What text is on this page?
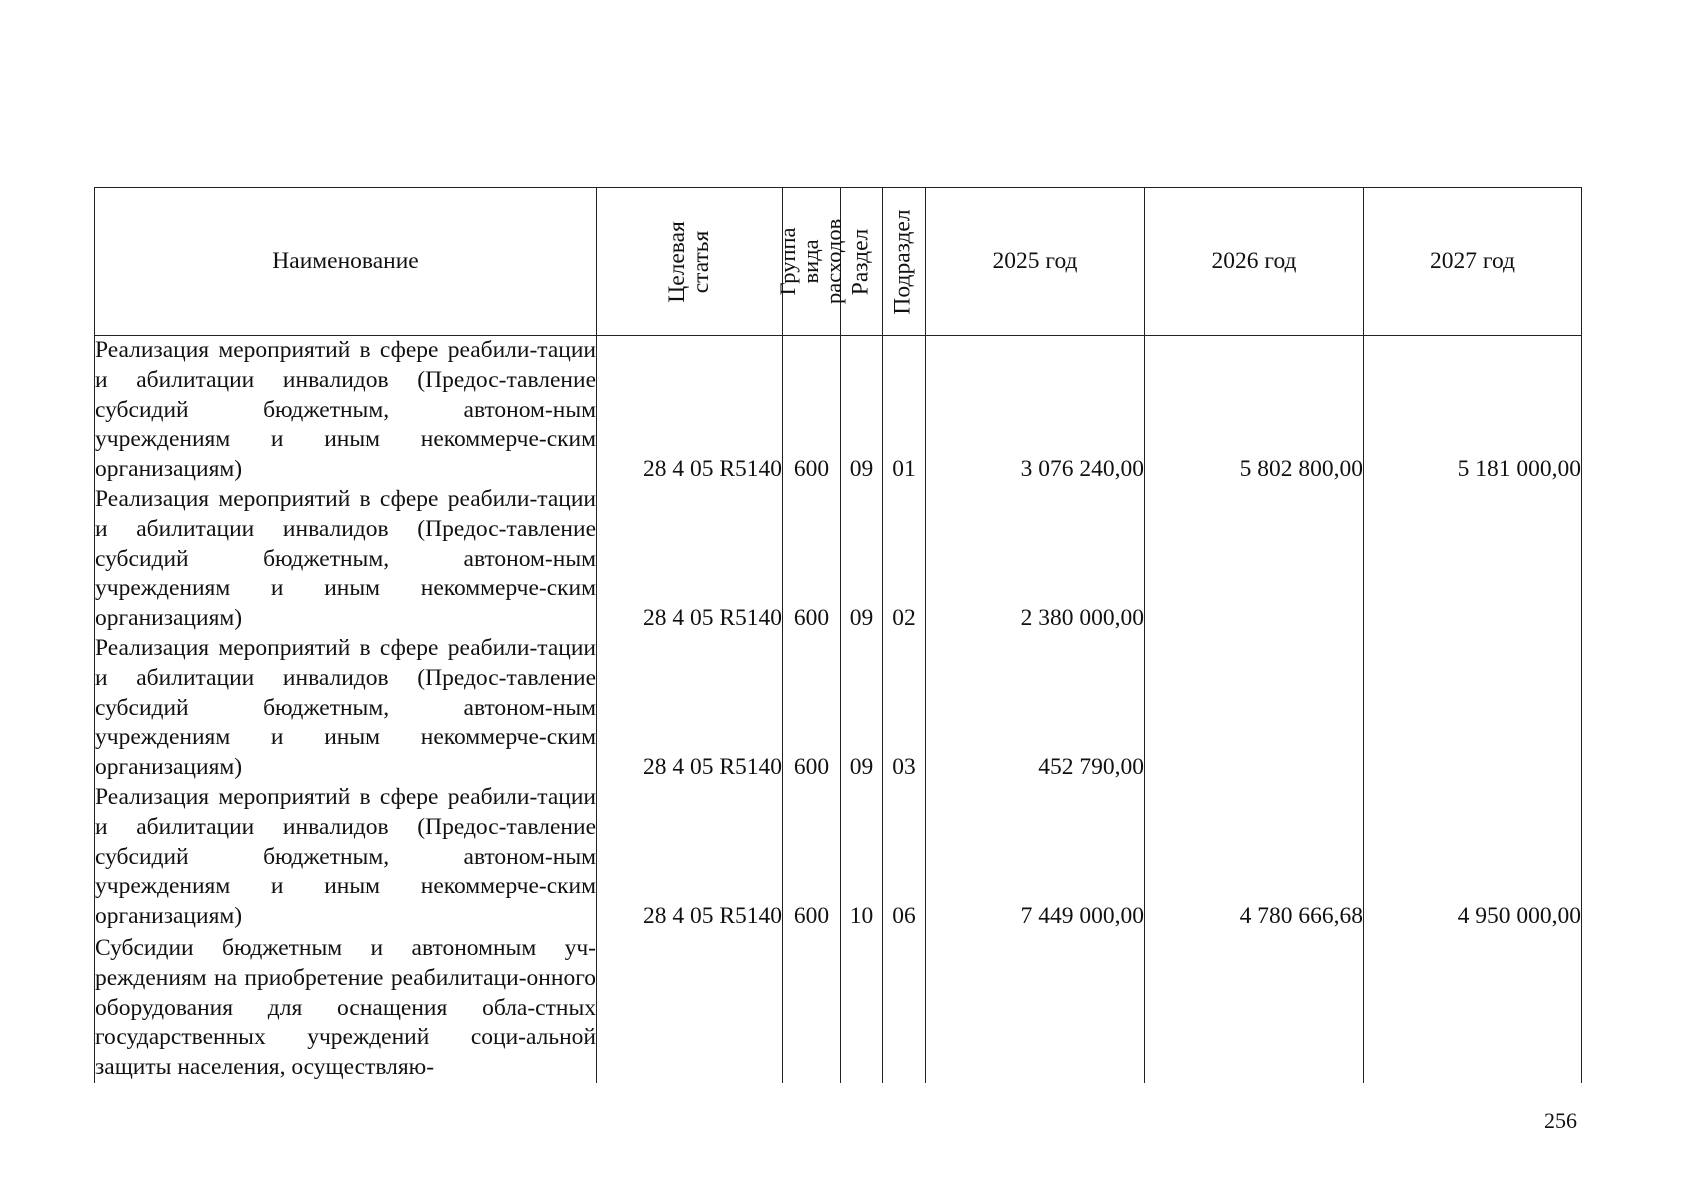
Наименование	Целевая
статья	Группа вида
расходов	Раздел	Подраздел	2025 год	2026 год	2027 год
Реализация мероприятий в сфере реабили-тации и абилитации инвалидов (Предос-тавление субсидий бюджетным, автоном-ным учреждениям и иным некоммерче-ским организациям)	28 4 05 R5140	600	09	01	3 076 240,00	5 802 800,00	5 181 000,00
Реализация мероприятий в сфере реабили-тации и абилитации инвалидов (Предос-тавление субсидий бюджетным, автоном-ным учреждениям и иным некоммерче-ским организациям)	28 4 05 R5140	600	09	02	2 380 000,00		
Реализация мероприятий в сфере реабили-тации и абилитации инвалидов (Предос-тавление субсидий бюджетным, автоном-ным учреждениям и иным некоммерче-ским организациям)	28 4 05 R5140	600	09	03	452 790,00		
Реализация мероприятий в сфере реабили-тации и абилитации инвалидов (Предос-тавление субсидий бюджетным, автоном-ным учреждениям и иным некоммерче-ским организациям)	28 4 05 R5140	600	10	06	7 449 000,00	4 780 666,68	4 950 000,00
Субсидии бюджетным и автономным уч-реждениям на приобретение реабилитаци-онного оборудования для оснащения обла-стных государственных учреждений соци-альной защиты населения, осуществляю-							
256
